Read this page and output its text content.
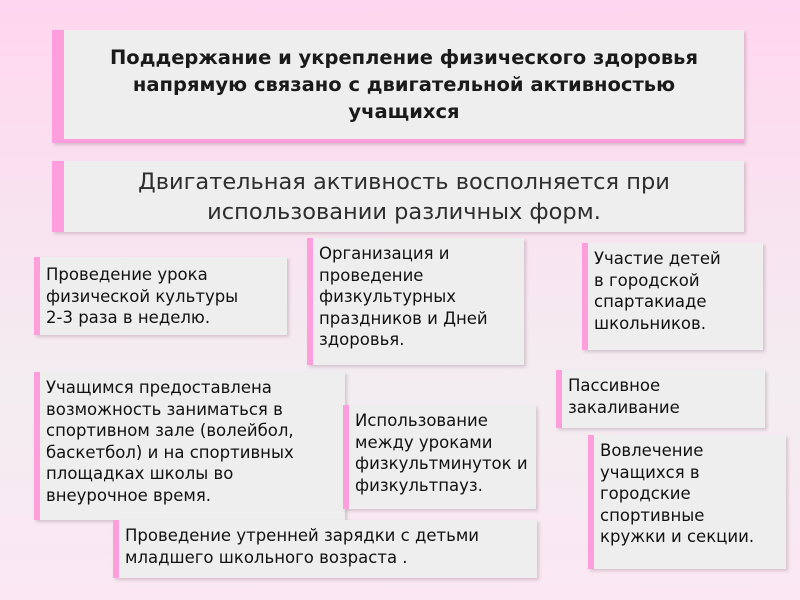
Поддержание и укрепление физического здоровья напрямую связано с двигательной активностью учащихся
Двигательная активность восполняется при использовании различных форм.
Проведение урока
физической культуры
2-3 раза в неделю.
Организация и
проведение
физкультурных
праздников и Дней
здоровья.
Участие детей
в городской
спартакиаде
школьников.
Учащимся предоставлена
возможность заниматься в
спортивном зале (волейбол,
баскетбол) и на спортивных
площадках школы во
внеурочное время.
Пассивное
закаливание
Использование
между уроками
физкультминуток и
физкультпауз.
Вовлечение
учащихся в
городские
спортивные
кружки и секции.
Проведение утренней зарядки с детьми
младшего школьного возраста .
